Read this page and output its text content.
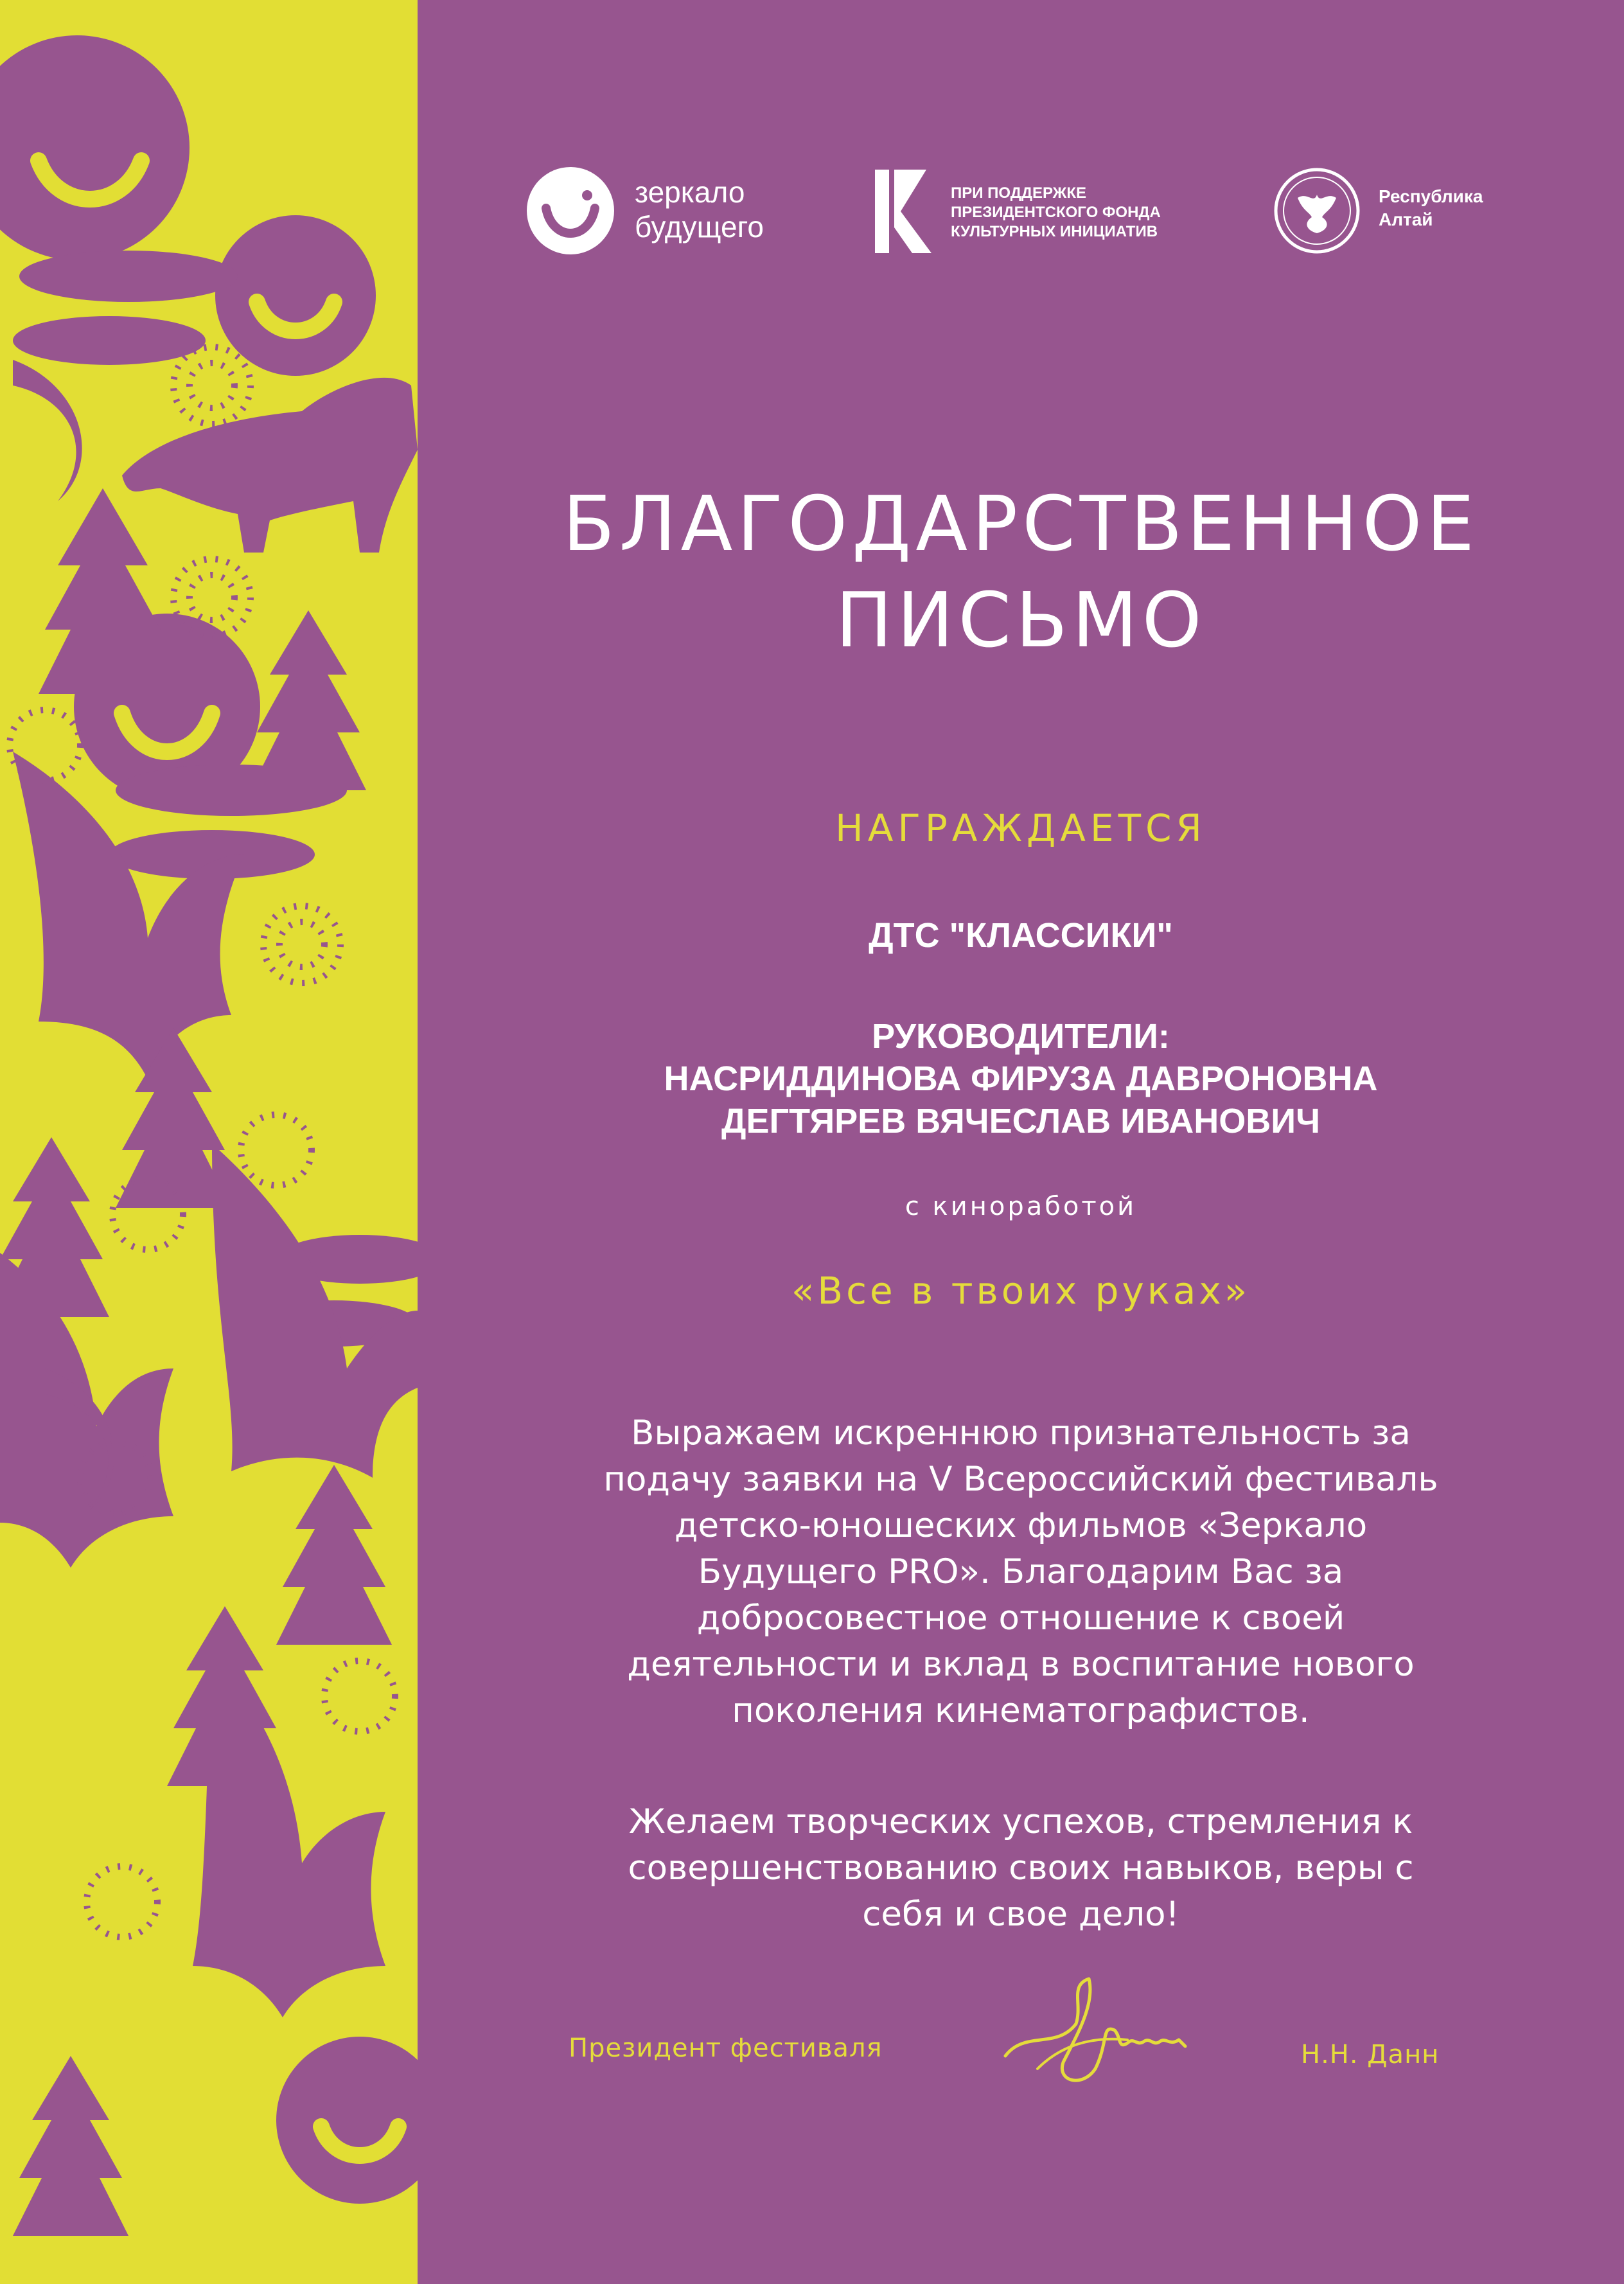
зеркало
будущего
ПРИ ПОДДЕРЖКЕ
ПРЕЗИДЕНТСКОГО ФОНДА
КУЛЬТУРНЫХ ИНИЦИАТИВ
Республика
Алтай
БЛАГОДАРСТВЕННОЕ
ПИСЬМО
НАГРАЖДАЕТСЯ
ДТС "КЛАССИКИ"
РУКОВОДИТЕЛИ:
НАСРИДДИНОВА ФИРУЗА ДАВРОНОВНА
ДЕГТЯРЕВ ВЯЧЕСЛАВ ИВАНОВИЧ
с киноработой
«Все в твоих руках»
Выражаем искреннюю признательность за
подачу заявки на V Всероссийский фестиваль
детско-юношеских фильмов «Зеркало
Будущего PRO». Благодарим Вас за
добросовестное отношение к своей
деятельности и вклад в воспитание нового
поколения кинематографистов.
Желаем творческих успехов, стремления к
совершенствованию своих навыков, веры с
себя и свое дело!
Президент фестиваля	Н.Н. Данн
